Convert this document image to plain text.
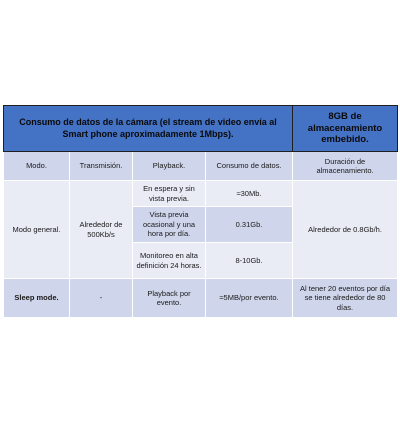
Consumo de datos de la cámara (el stream de video envía al Smart phone aproximadamente 1Mbps).				8GB de almacenamiento embebido.
Modo.	Transmisión.	Playback.	Consumo de datos.	Duración de almacenamiento.
Modo general.	Alrededor de 500Kb/s	En espera y sin vista previa.	≈30Mb.	Alrededor de 0.8Gb/h.
		Vista previa ocasional y una hora por día.	0.31Gb.	
		Monitoreo en alta definición 24 horas.	8-10Gb.	
Sleep mode.	-	Playback por evento.	≈5MB/por evento.	Al tener 20 eventos por día se tiene alrededor de 80 días.
